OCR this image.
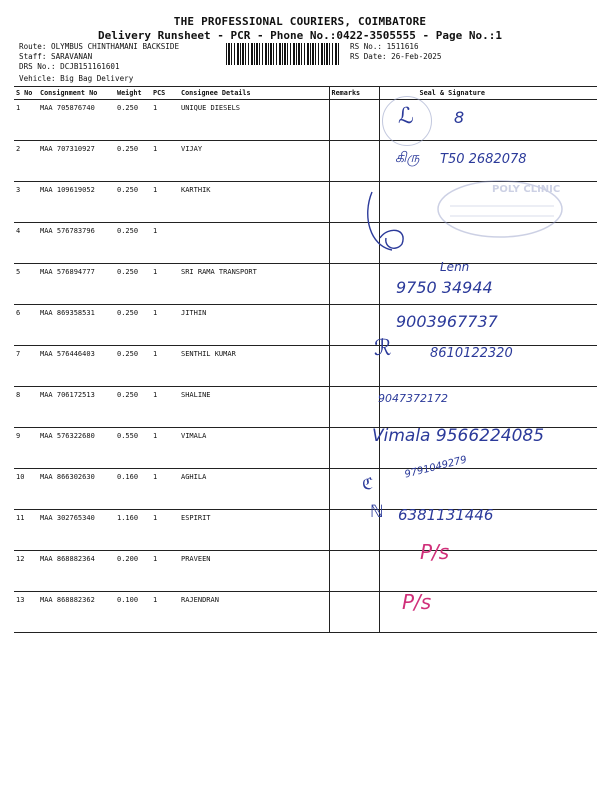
THE PROFESSIONAL COURIERS, COIMBATORE
Delivery Runsheet - PCR - Phone No.:0422-3505555 - Page No.:1
Route: OLYMBUS CHINTHAMANI BACKSIDE
Staff: SARAVANAN
DRS No.: DCJB151161601
RS No.: 1511616
RS Date: 26-Feb-2025
Vehicle: Big Bag Delivery
S No	Consignment No	Weight	PCS	Consignee Details	Remarks	Seal & Signature
1	MAA 705876740	0.250	1	UNIQUE DIESELS		
2	MAA 707310927	0.250	1	VIJAY		
3	MAA 109619052	0.250	1	KARTHIK		
4	MAA 576783796	0.250	1			
5	MAA 576894777	0.250	1	SRI RAMA TRANSPORT		
6	MAA 869358531	0.250	1	JITHIN		
7	MAA 576446403	0.250	1	SENTHIL KUMAR		
8	MAA 706172513	0.250	1	SHALINE		
9	MAA 576322680	0.550	1	VIMALA		
10	MAA 866302630	0.160	1	AGHILA		
11	MAA 302765340	1.160	1	ESPIRIT		
12	MAA 868882364	0.200	1	PRAVEEN		
13	MAA 868882362	0.100	1	RAJENDRAN		
ℒ	8
கிரு T50 2682078
POLY CLINIC
Lenn
9750 34944
9003967737
ℛ	8610122320
9047372172
Vimala 9566224085
ℭ
9791049279
ℕ 6381131446
P/s
P/s
